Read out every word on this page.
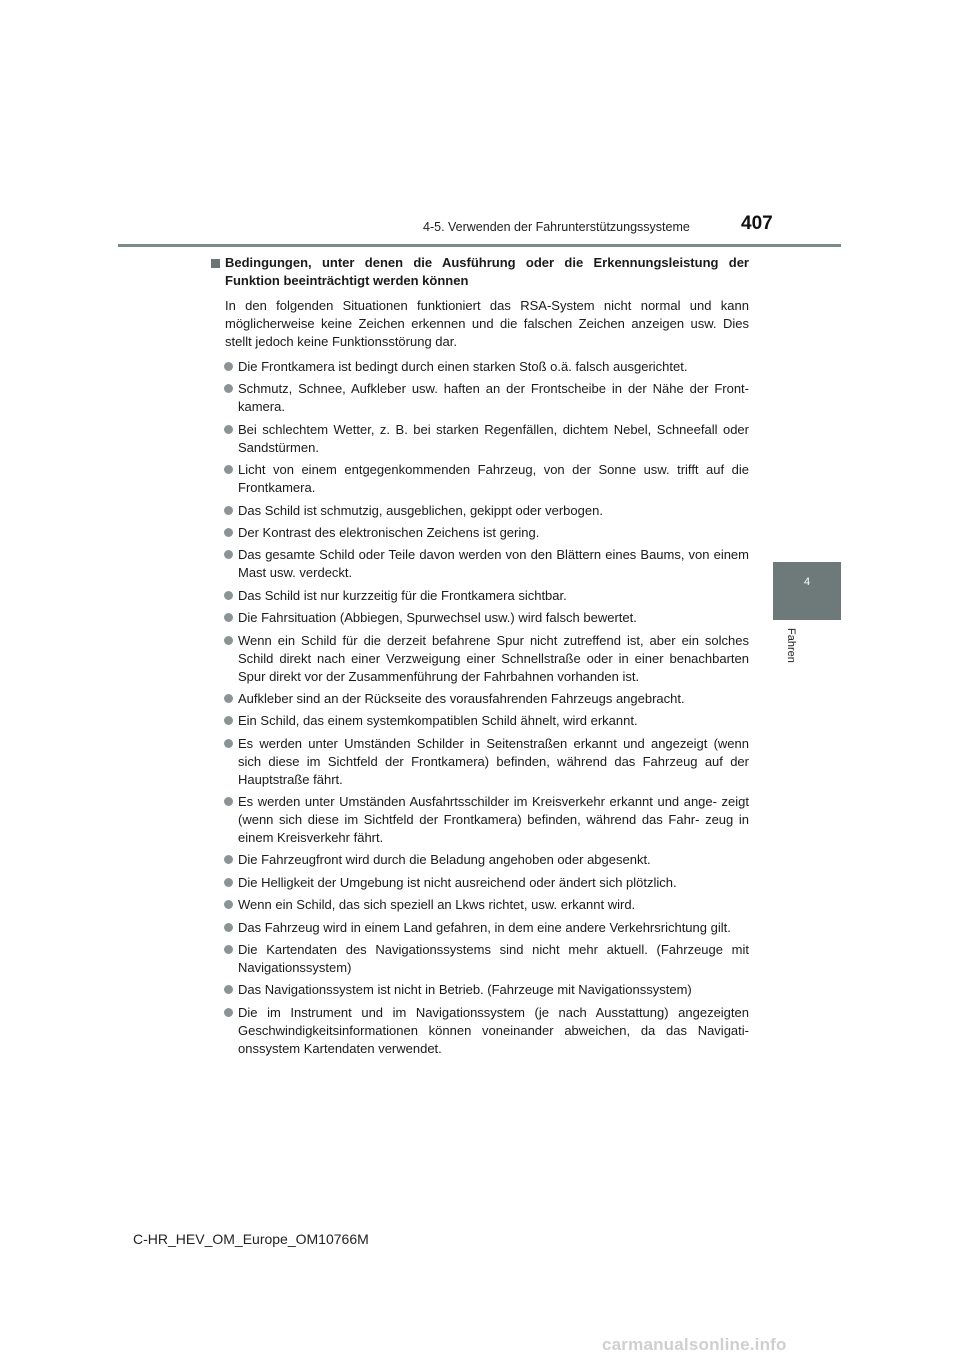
4-5. Verwenden der Fahrunterstützungssysteme	407
4
Fahren
Bedingungen, unter denen die Ausführung oder die Erkennungsleistung der Funktion beeinträchtigt werden können
In den folgenden Situationen funktioniert das RSA-System nicht normal und kann möglicherweise keine Zeichen erkennen und die falschen Zeichen anzeigen usw. Dies stellt jedoch keine Funktionsstörung dar.
Die Frontkamera ist bedingt durch einen starken Stoß o.ä. falsch ausgerichtet.
Schmutz, Schnee, Aufkleber usw. haften an der Frontscheibe in der Nähe der Front- kamera.
Bei schlechtem Wetter, z. B. bei starken Regenfällen, dichtem Nebel, Schneefall oder Sandstürmen.
Licht von einem entgegenkommenden Fahrzeug, von der Sonne usw. trifft auf die Frontkamera.
Das Schild ist schmutzig, ausgeblichen, gekippt oder verbogen.
Der Kontrast des elektronischen Zeichens ist gering.
Das gesamte Schild oder Teile davon werden von den Blättern eines Baums, von einem Mast usw. verdeckt.
Das Schild ist nur kurzzeitig für die Frontkamera sichtbar.
Die Fahrsituation (Abbiegen, Spurwechsel usw.) wird falsch bewertet.
Wenn ein Schild für die derzeit befahrene Spur nicht zutreffend ist, aber ein solches Schild direkt nach einer Verzweigung einer Schnellstraße oder in einer benachbarten Spur direkt vor der Zusammenführung der Fahrbahnen vorhanden ist.
Aufkleber sind an der Rückseite des vorausfahrenden Fahrzeugs angebracht.
Ein Schild, das einem systemkompatiblen Schild ähnelt, wird erkannt.
Es werden unter Umständen Schilder in Seitenstraßen erkannt und angezeigt (wenn sich diese im Sichtfeld der Frontkamera) befinden, während das Fahrzeug auf der Hauptstraße fährt.
Es werden unter Umständen Ausfahrtsschilder im Kreisverkehr erkannt und ange- zeigt (wenn sich diese im Sichtfeld der Frontkamera) befinden, während das Fahr- zeug in einem Kreisverkehr fährt.
Die Fahrzeugfront wird durch die Beladung angehoben oder abgesenkt.
Die Helligkeit der Umgebung ist nicht ausreichend oder ändert sich plötzlich.
Wenn ein Schild, das sich speziell an Lkws richtet, usw. erkannt wird.
Das Fahrzeug wird in einem Land gefahren, in dem eine andere Verkehrsrichtung gilt.
Die Kartendaten des Navigationssystems sind nicht mehr aktuell. (Fahrzeuge mit Navigationssystem)
Das Navigationssystem ist nicht in Betrieb. (Fahrzeuge mit Navigationssystem)
Die im Instrument und im Navigationssystem (je nach Ausstattung) angezeigten Geschwindigkeitsinformationen können voneinander abweichen, da das Navigati- onssystem Kartendaten verwendet.
C-HR_HEV_OM_Europe_OM10766M
carmanualsonline.info
